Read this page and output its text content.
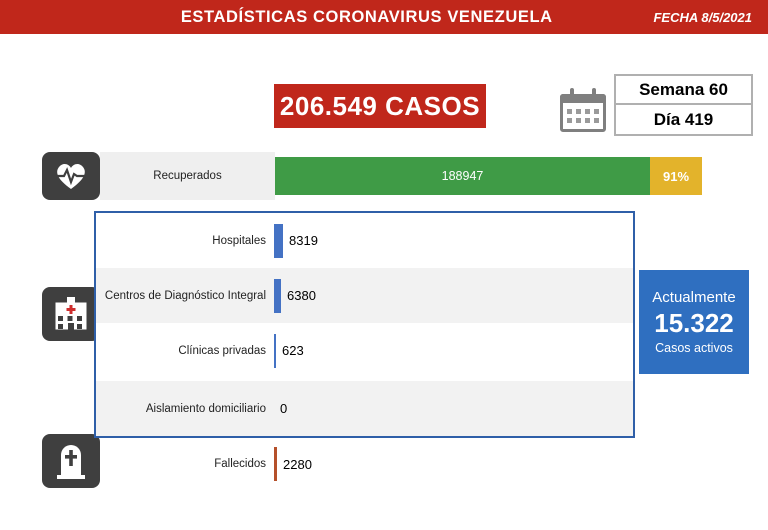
ESTADÍSTICAS CORONAVIRUS VENEZUELA	FECHA 8/5/2021
206.549 CASOS
Semana 60
Día 419
Recuperados	188947	91%
Hospitales	8319
Centros de Diagnóstico Integral	6380
Clínicas privadas	623
Aislamiento domiciliario	0
Fallecidos	2280
Actualmente
15.322
Casos activos
